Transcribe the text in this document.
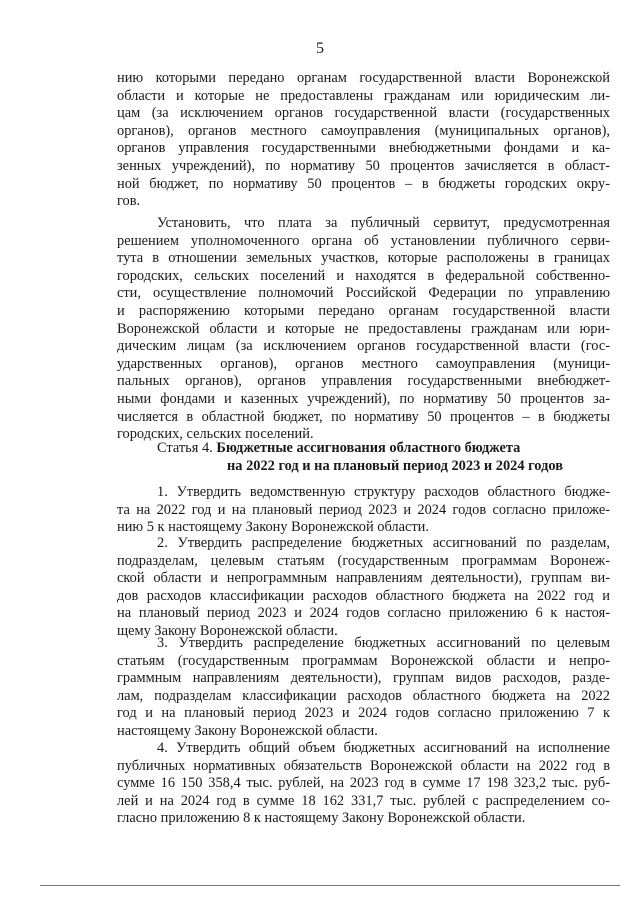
5
нию которыми передано органам государственной власти Воронежской
области и которые не предоставлены гражданам или юридическим ли-
цам (за исключением органов государственной власти (государственных
органов), органов местного самоуправления (муниципальных органов),
органов управления государственными внебюджетными фондами и ка-
зенных учреждений), по нормативу 50 процентов зачисляется в област-
ной бюджет, по нормативу 50 процентов – в бюджеты городских окру-
гов.
Установить, что плата за публичный сервитут, предусмотренная
решением уполномоченного органа об установлении публичного серви-
тута в отношении земельных участков, которые расположены в границах
городских, сельских поселений и находятся в федеральной собственно-
сти, осуществление полномочий Российской Федерации по управлению
и распоряжению которыми передано органам государственной власти
Воронежской области и которые не предоставлены гражданам или юри-
дическим лицам (за исключением органов государственной власти (гос-
ударственных органов), органов местного самоуправления (муници-
пальных органов), органов управления государственными внебюджет-
ными фондами и казенных учреждений), по нормативу 50 процентов за-
числяется в областной бюджет, по нормативу 50 процентов – в бюджеты
городских, сельских поселений.
Статья 4. Бюджетные ассигнования областного бюджета
на 2022 год и на плановый период 2023 и 2024 годов
1. Утвердить ведомственную структуру расходов областного бюдже-
та на 2022 год и на плановый период 2023 и 2024 годов согласно приложе-
нию 5 к настоящему Закону Воронежской области.
2. Утвердить распределение бюджетных ассигнований по разделам,
подразделам, целевым статьям (государственным программам Воронеж-
ской области и непрограммным направлениям деятельности), группам ви-
дов расходов классификации расходов областного бюджета на 2022 год и
на плановый период 2023 и 2024 годов согласно приложению 6 к настоя-
щему Закону Воронежской области.
3. Утвердить распределение бюджетных ассигнований по целевым
статьям (государственным программам Воронежской области и непро-
граммным направлениям деятельности), группам видов расходов, разде-
лам, подразделам классификации расходов областного бюджета на 2022
год и на плановый период 2023 и 2024 годов согласно приложению 7 к
настоящему Закону Воронежской области.
4. Утвердить общий объем бюджетных ассигнований на исполнение
публичных нормативных обязательств Воронежской области на 2022 год в
сумме 16 150 358,4 тыс. рублей, на 2023 год в сумме 17 198 323,2 тыс. руб-
лей и на 2024 год в сумме 18 162 331,7 тыс. рублей с распределением со-
гласно приложению 8 к настоящему Закону Воронежской области.
